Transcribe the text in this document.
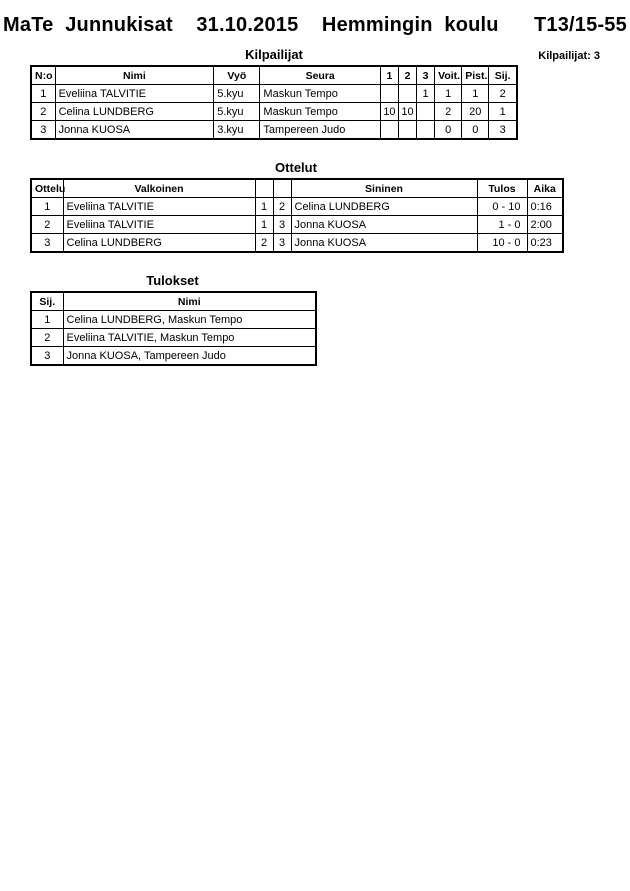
MaTe Junnukisat  31.10.2015  Hemmingin koulu   T13/15-55
Kilpailijat: 3
Kilpailijat
N:o	Nimi	Vyö	Seura	1	2	3	Voit.	Pist.	Sij.
1	Eveliina TALVITIE	5.kyu	Maskun Tempo			1	1	1	2
2	Celina LUNDBERG	5.kyu	Maskun Tempo	10	10		2	20	1
3	Jonna KUOSA	3.kyu	Tampereen Judo				0	0	3
Ottelut
Ottelu	Valkoinen			Sininen	Tulos	Aika
1	Eveliina TALVITIE	1	2	Celina LUNDBERG	0 - 10	0:16
2	Eveliina TALVITIE	1	3	Jonna KUOSA	1 - 0	2:00
3	Celina LUNDBERG	2	3	Jonna KUOSA	10 - 0	0:23
Tulokset
Sij.	Nimi
1	Celina LUNDBERG, Maskun Tempo
2	Eveliina TALVITIE, Maskun Tempo
3	Jonna KUOSA, Tampereen Judo
